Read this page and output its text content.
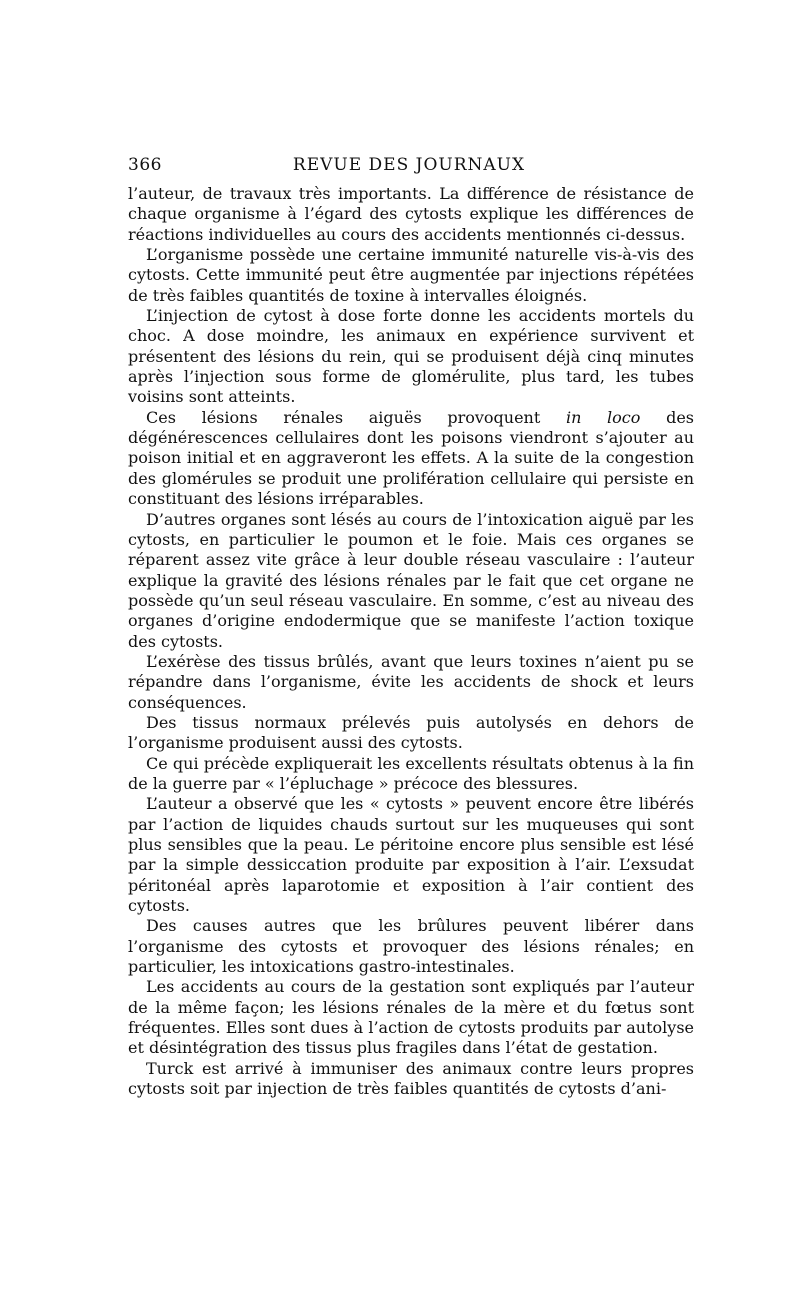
366	REVUE DES JOURNAUX

l’auteur, de travaux très importants. La différence de résistance de chaque organisme à l’égard des cytosts explique les différences de réactions individuelles au cours des accidents mentionnés ci-dessus.

L’organisme possède une certaine immunité naturelle vis-à-vis des cytosts. Cette immunité peut être augmentée par injections répétées de très faibles quantités de toxine à intervalles éloignés.

L’injection de cytost à dose forte donne les accidents mortels du choc. A dose moindre, les animaux en expérience survivent et présentent des lésions du rein, qui se produisent déjà cinq minutes après l’injection sous forme de glomérulite, plus tard, les tubes voisins sont atteints.

Ces lésions rénales aiguës provoquent in loco des dégénérescences cellulaires dont les poisons viendront s’ajouter au poison initial et en aggraveront les effets. A la suite de la congestion des glomérules se produit une prolifération cellulaire qui persiste en constituant des lésions irréparables.

D’autres organes sont lésés au cours de l’intoxication aiguë par les cytosts, en particulier le poumon et le foie. Mais ces organes se réparent assez vite grâce à leur double réseau vasculaire : l’auteur explique la gravité des lésions rénales par le fait que cet organe ne possède qu’un seul réseau vasculaire. En somme, c’est au niveau des organes d’origine endodermique que se manifeste l’action toxique des cytosts.

L’exérèse des tissus brûlés, avant que leurs toxines n’aient pu se répandre dans l’organisme, évite les accidents de shock et leurs conséquences.

Des tissus normaux prélevés puis autolysés en dehors de l’organisme produisent aussi des cytosts.

Ce qui précède expliquerait les excellents résultats obtenus à la fin de la guerre par « l’épluchage » précoce des blessures.

L’auteur a observé que les « cytosts » peuvent encore être libérés par l’action de liquides chauds surtout sur les muqueuses qui sont plus sensibles que la peau. Le péritoine encore plus sensible est lésé par la simple dessiccation produite par exposition à l’air. L’exsudat péritonéal après laparotomie et exposition à l’air contient des cytosts.

Des causes autres que les brûlures peuvent libérer dans l’organisme des cytosts et provoquer des lésions rénales; en particulier, les intoxications gastro-intestinales.

Les accidents au cours de la gestation sont expliqués par l’auteur de la même façon; les lésions rénales de la mère et du fœtus sont fréquentes. Elles sont dues à l’action de cytosts produits par autolyse et désintégration des tissus plus fragiles dans l’état de gestation.

Turck est arrivé à immuniser des animaux contre leurs propres cytosts soit par injection de très faibles quantités de cytosts d’ani-
